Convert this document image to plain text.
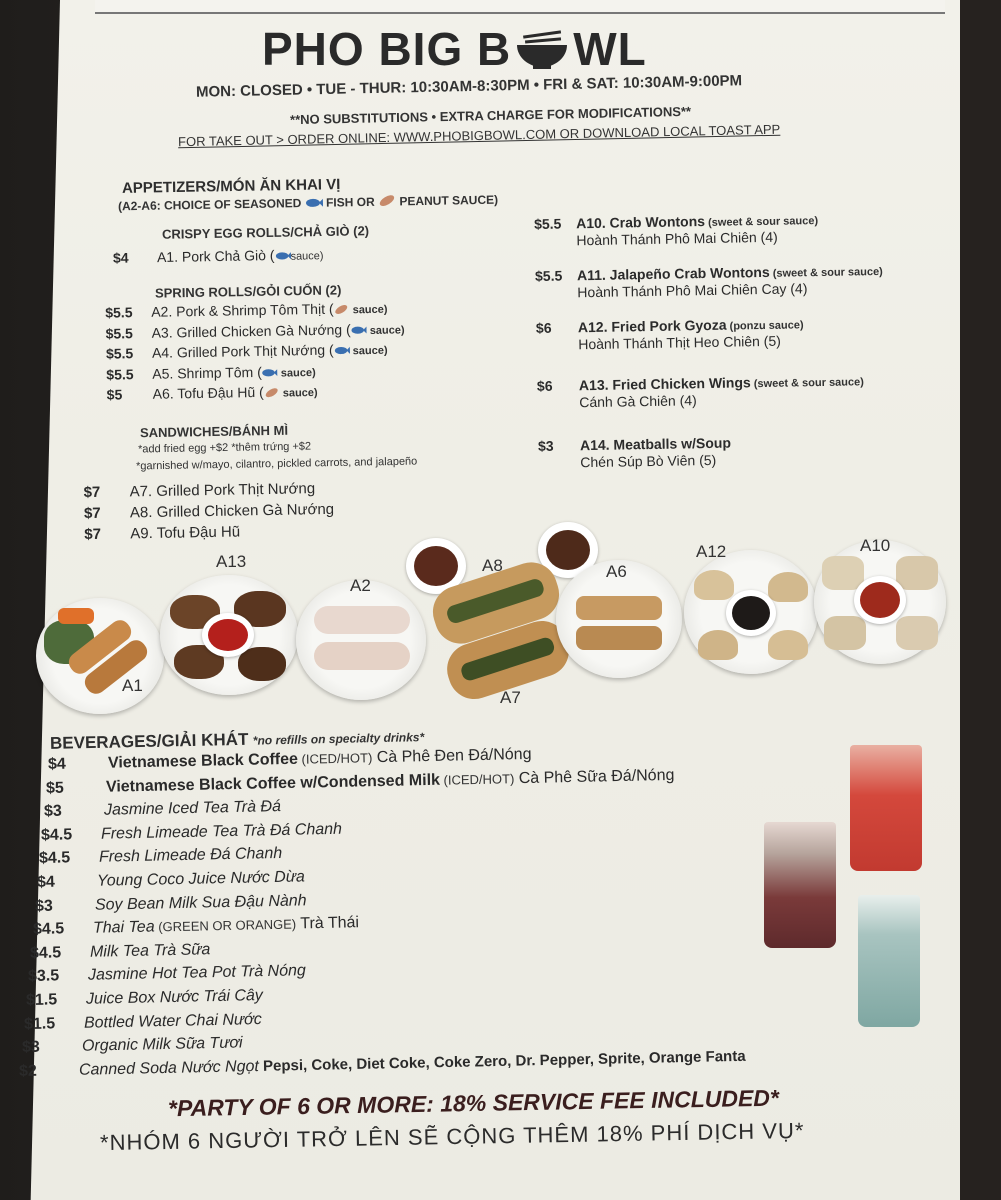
PHO BIG B WL
MON: CLOSED • TUE - THUR: 10:30AM-8:30PM • FRI & SAT: 10:30AM-9:00PM
**NO SUBSTITUTIONS • EXTRA CHARGE FOR MODIFICATIONS**
FOR TAKE OUT > ORDER ONLINE: WWW.PHOBIGBOWL.COM OR DOWNLOAD LOCAL TOAST APP
APPETIZERS/MÓN ĂN KHAI VỊ
(A2-A6: CHOICE OF SEASONED FISH OR PEANUT SAUCE)
CRISPY EGG ROLLS/CHẢ GIÒ (2)
$4 A1. Pork Chả Giò ( sauce)
SPRING ROLLS/GỎI CUỐN (2)
$5.5 A2. Pork & Shrimp Tôm Thịt ( sauce)
$5.5 A3. Grilled Chicken Gà Nướng ( sauce)
$5.5 A4. Grilled Pork Thịt Nướng ( sauce)
$5.5 A5. Shrimp Tôm ( sauce)
$5 A6. Tofu Đậu Hũ ( sauce)
SANDWICHES/BÁNH MÌ
*add fried egg +$2 *thêm trứng +$2
*garnished w/mayo, cilantro, pickled carrots, and jalapeño
$7 A7. Grilled Pork Thịt Nướng
$7 A8. Grilled Chicken Gà Nướng
$7 A9. Tofu Đậu Hũ
$5.5 A10. Crab Wontons (sweet & sour sauce)
Hoành Thánh Phô Mai Chiên (4)
$5.5 A11. Jalapeño Crab Wontons (sweet & sour sauce)
Hoành Thánh Phô Mai Chiên Cay (4)
$6 A12. Fried Pork Gyoza (ponzu sauce)
Hoành Thánh Thịt Heo Chiên (5)
$6 A13. Fried Chicken Wings (sweet & sour sauce)
Cánh Gà Chiên (4)
$3 A14. Meatballs w/Soup
Chén Súp Bò Viên (5)
A1
A13
A2
A8
A7
A6
A12	A10
BEVERAGES/GIẢI KHÁT *no refills on specialty drinks*
$4	Vietnamese Black Coffee (ICED/HOT) Cà Phê Đen Đá/Nóng
$5	Vietnamese Black Coffee w/Condensed Milk (ICED/HOT) Cà Phê Sữa Đá/Nóng
$3	Jasmine Iced Tea Trà Đá
$4.5 Fresh Limeade Tea Trà Đá Chanh
$4.5 Fresh Limeade Đá Chanh
$4	Young Coco Juice Nước Dừa
$3	Soy Bean Milk Sua Đậu Nành
$4.5 Thai Tea (GREEN OR ORANGE) Trà Thái
$4.5 Milk Tea Trà Sữa
$3.5 Jasmine Hot Tea Pot Trà Nóng
$1.5 Juice Box Nước Trái Cây
$1.5 Bottled Water Chai Nước
$3	Organic Milk Sữa Tươi
$2	Canned Soda Nước Ngọt Pepsi, Coke, Diet Coke, Coke Zero, Dr. Pepper, Sprite, Orange Fanta
*PARTY OF 6 OR MORE: 18% SERVICE FEE INCLUDED*
*NHÓM 6 NGƯỜI TRỞ LÊN SẼ CỘNG THÊM 18% PHÍ DỊCH VỤ*
